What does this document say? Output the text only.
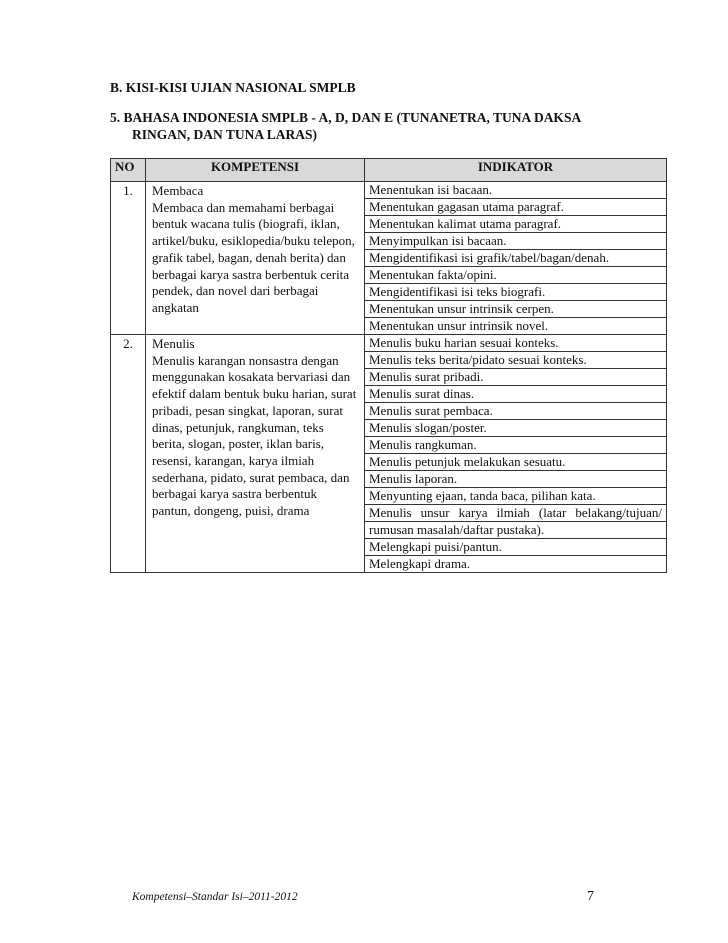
B. KISI-KISI UJIAN NASIONAL SMPLB
5. BAHASA INDONESIA SMPLB - A, D, DAN E (TUNANETRA, TUNA DAKSA
RINGAN, DAN TUNA LARAS)
NO	KOMPETENSI	INDIKATOR
1.	Membaca
Membaca dan memahami berbagai bentuk wacana tulis (biografi, iklan, artikel/buku, esiklopedia/buku telepon, grafik tabel, bagan, denah berita) dan berbagai karya sastra berbentuk cerita pendek, dan novel dari berbagai angkatan	Menentukan isi bacaan.
		Menentukan gagasan utama paragraf.
		Menentukan kalimat utama paragraf.
		Menyimpulkan isi bacaan.
		Mengidentifikasi isi grafik/tabel/bagan/denah.
		Menentukan fakta/opini.
		Mengidentifikasi isi teks biografi.
		Menentukan unsur intrinsik cerpen.
		Menentukan unsur intrinsik novel.
2.	Menulis
Menulis karangan nonsastra dengan menggunakan kosakata bervariasi dan efektif dalam bentuk buku harian, surat pribadi, pesan singkat, laporan, surat dinas, petunjuk, rangkuman, teks berita, slogan, poster, iklan baris, resensi, karangan, karya ilmiah sederhana, pidato, surat pembaca, dan berbagai karya sastra berbentuk pantun, dongeng, puisi, drama	Menulis buku harian sesuai konteks.
		Menulis teks berita/pidato sesuai konteks.
		Menulis surat pribadi.
		Menulis surat dinas.
		Menulis surat pembaca.
		Menulis slogan/poster.
		Menulis rangkuman.
		Menulis petunjuk melakukan sesuatu.
		Menulis laporan.
		Menyunting ejaan, tanda baca, pilihan kata.
		Menulis unsur karya ilmiah (latar belakang/tujuan/
		rumusan masalah/daftar pustaka).
		Melengkapi puisi/pantun.
		Melengkapi drama.
Kompetensi–Standar Isi–2011-2012	7
